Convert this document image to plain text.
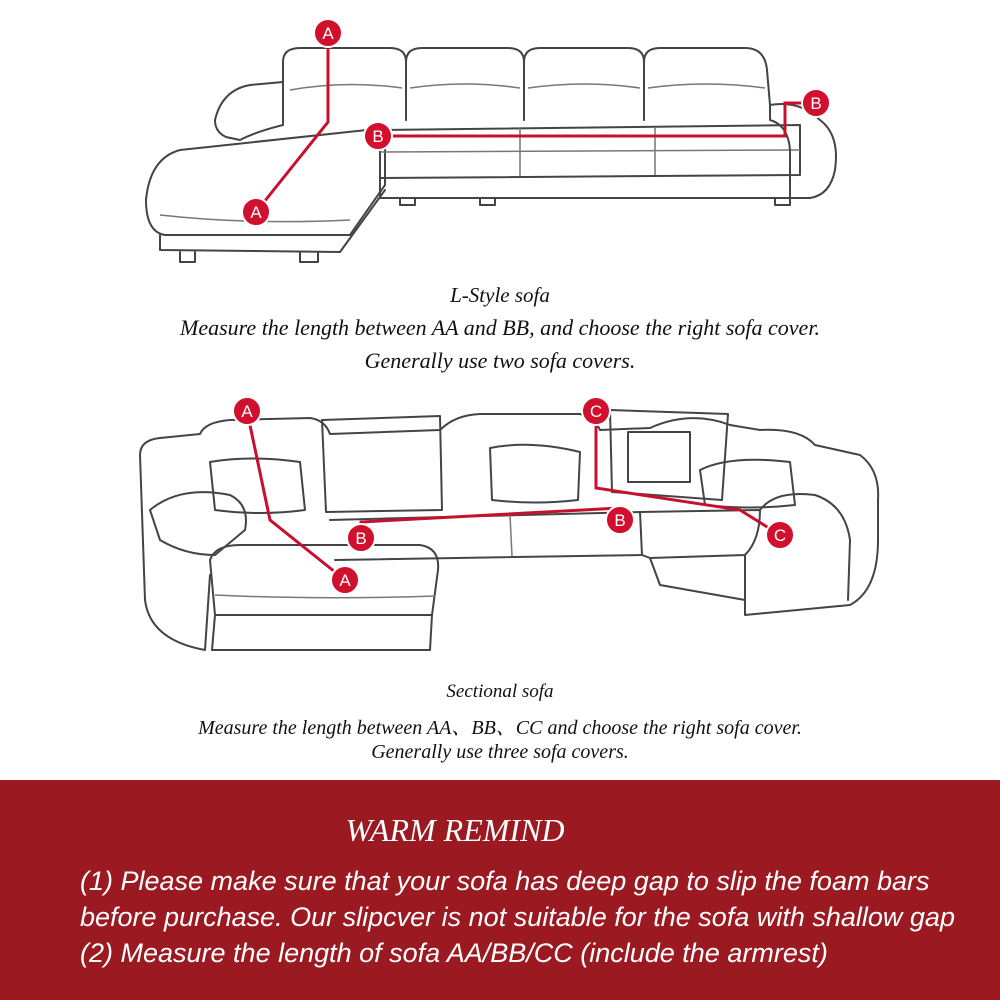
A
A
B
B
L-Style sofa
Measure the length between AA and BB, and choose the right sofa cover.
Generally use two sofa covers.
A
A
B
B
C
C
Sectional sofa
Measure the length between AA、BB、CC and choose the right sofa cover.
Generally use three sofa covers.
WARM REMIND
(1) Please make sure that your sofa has deep gap to slip the foam bars
before purchase. Our slipcver is not suitable for the sofa with shallow gap
(2) Measure the length of sofa AA/BB/CC (include the armrest)
